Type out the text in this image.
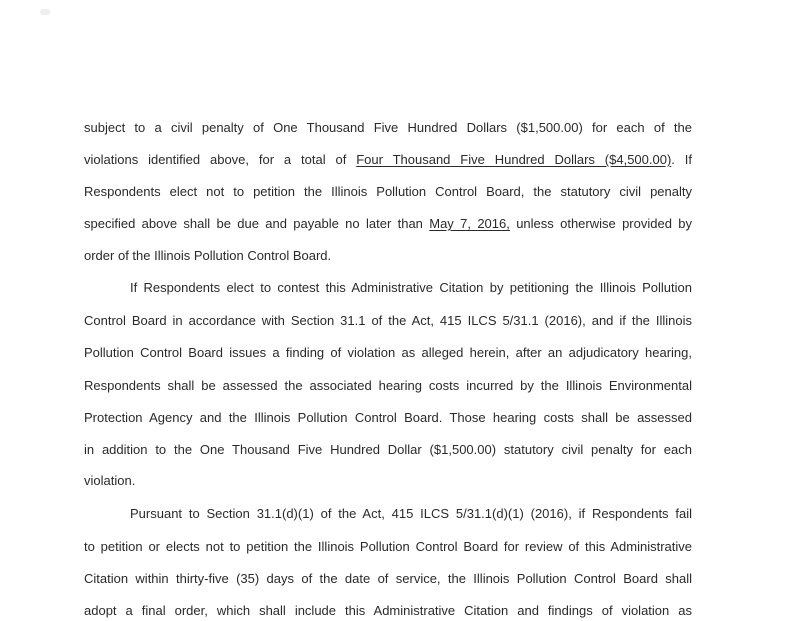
subject to a civil penalty of One Thousand Five Hundred Dollars ($1,500.00) for each of the
violations identified above, for a total of Four Thousand Five Hundred Dollars ($4,500.00). If
Respondents elect not to petition the Illinois Pollution Control Board, the statutory civil penalty
specified above shall be due and payable no later than May 7, 2016, unless otherwise provided by
order of the Illinois Pollution Control Board.
If Respondents elect to contest this Administrative Citation by petitioning the Illinois Pollution
Control Board in accordance with Section 31.1 of the Act, 415 ILCS 5/31.1 (2016), and if the Illinois
Pollution Control Board issues a finding of violation as alleged herein, after an adjudicatory hearing,
Respondents shall be assessed the associated hearing costs incurred by the Illinois Environmental
Protection Agency and the Illinois Pollution Control Board. Those hearing costs shall be assessed
in addition to the One Thousand Five Hundred Dollar ($1,500.00) statutory civil penalty for each
violation.
Pursuant to Section 31.1(d)(1) of the Act, 415 ILCS 5/31.1(d)(1) (2016), if Respondents fail
to petition or elects not to petition the Illinois Pollution Control Board for review of this Administrative
Citation within thirty-five (35) days of the date of service, the Illinois Pollution Control Board shall
adopt a final order, which shall include this Administrative Citation and findings of violation as
